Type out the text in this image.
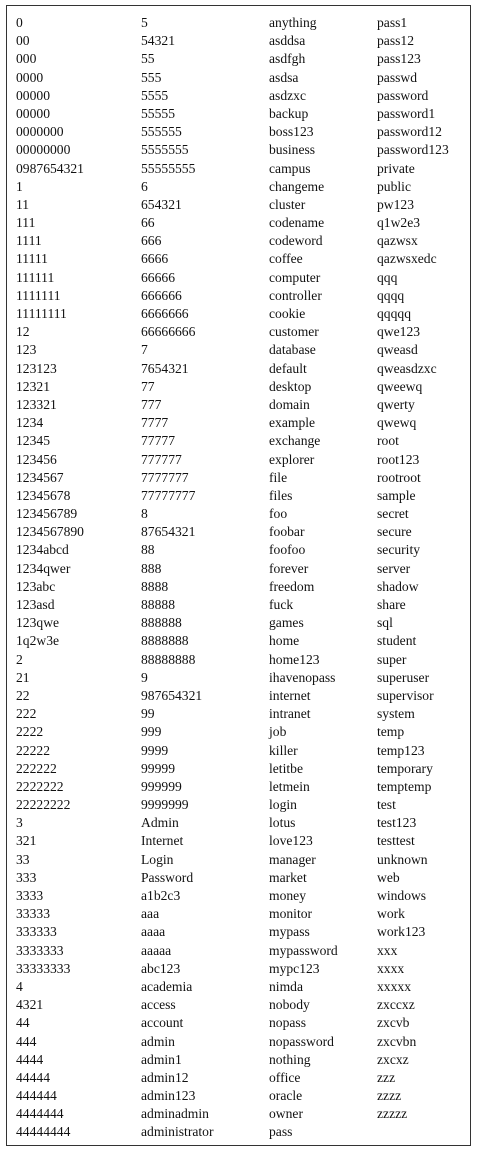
0
00
000
0000
00000
00000
0000000
00000000
0987654321
1
11
111
1111
11111
111111
1111111
11111111
12
123
123123
12321
123321
1234
12345
123456
1234567
12345678
123456789
1234567890
1234abcd
1234qwer
123abc
123asd
123qwe
1q2w3e
2
21
22
222
2222
22222
222222
2222222
22222222
3
321
33
333
3333
33333
333333
3333333
33333333
4
4321
44
444
4444
44444
444444
4444444
44444444
5
54321
55
555
5555
55555
555555
5555555
55555555
6
654321
66
666
6666
66666
666666
6666666
66666666
7
7654321
77
777
7777
77777
777777
7777777
77777777
8
87654321
88
888
8888
88888
888888
8888888
88888888
9
987654321
99
999
9999
99999
999999
9999999
Admin
Internet
Login
Password
a1b2c3
aaa
aaaa
aaaaa
abc123
academia
access
account
admin
admin1
admin12
admin123
adminadmin
administrator
anything
asddsa
asdfgh
asdsa
asdzxc
backup
boss123
business
campus
changeme
cluster
codename
codeword
coffee
computer
controller
cookie
customer
database
default
desktop
domain
example
exchange
explorer
file
files
foo
foobar
foofoo
forever
freedom
fuck
games
home
home123
ihavenopass
internet
intranet
job
killer
letitbe
letmein
login
lotus
love123
manager
market
money
monitor
mypass
mypassword
mypc123
nimda
nobody
nopass
nopassword
nothing
office
oracle
owner
pass
pass1
pass12
pass123
passwd
password
password1
password12
password123
private
public
pw123
q1w2e3
qazwsx
qazwsxedc
qqq
qqqq
qqqqq
qwe123
qweasd
qweasdzxc
qweewq
qwerty
qwewq
root
root123
rootroot
sample
secret
secure
security
server
shadow
share
sql
student
super
superuser
supervisor
system
temp
temp123
temporary
temptemp
test
test123
testtest
unknown
web
windows
work
work123
xxx
xxxx
xxxxx
zxccxz
zxcvb
zxcvbn
zxcxz
zzz
zzzz
zzzzz
